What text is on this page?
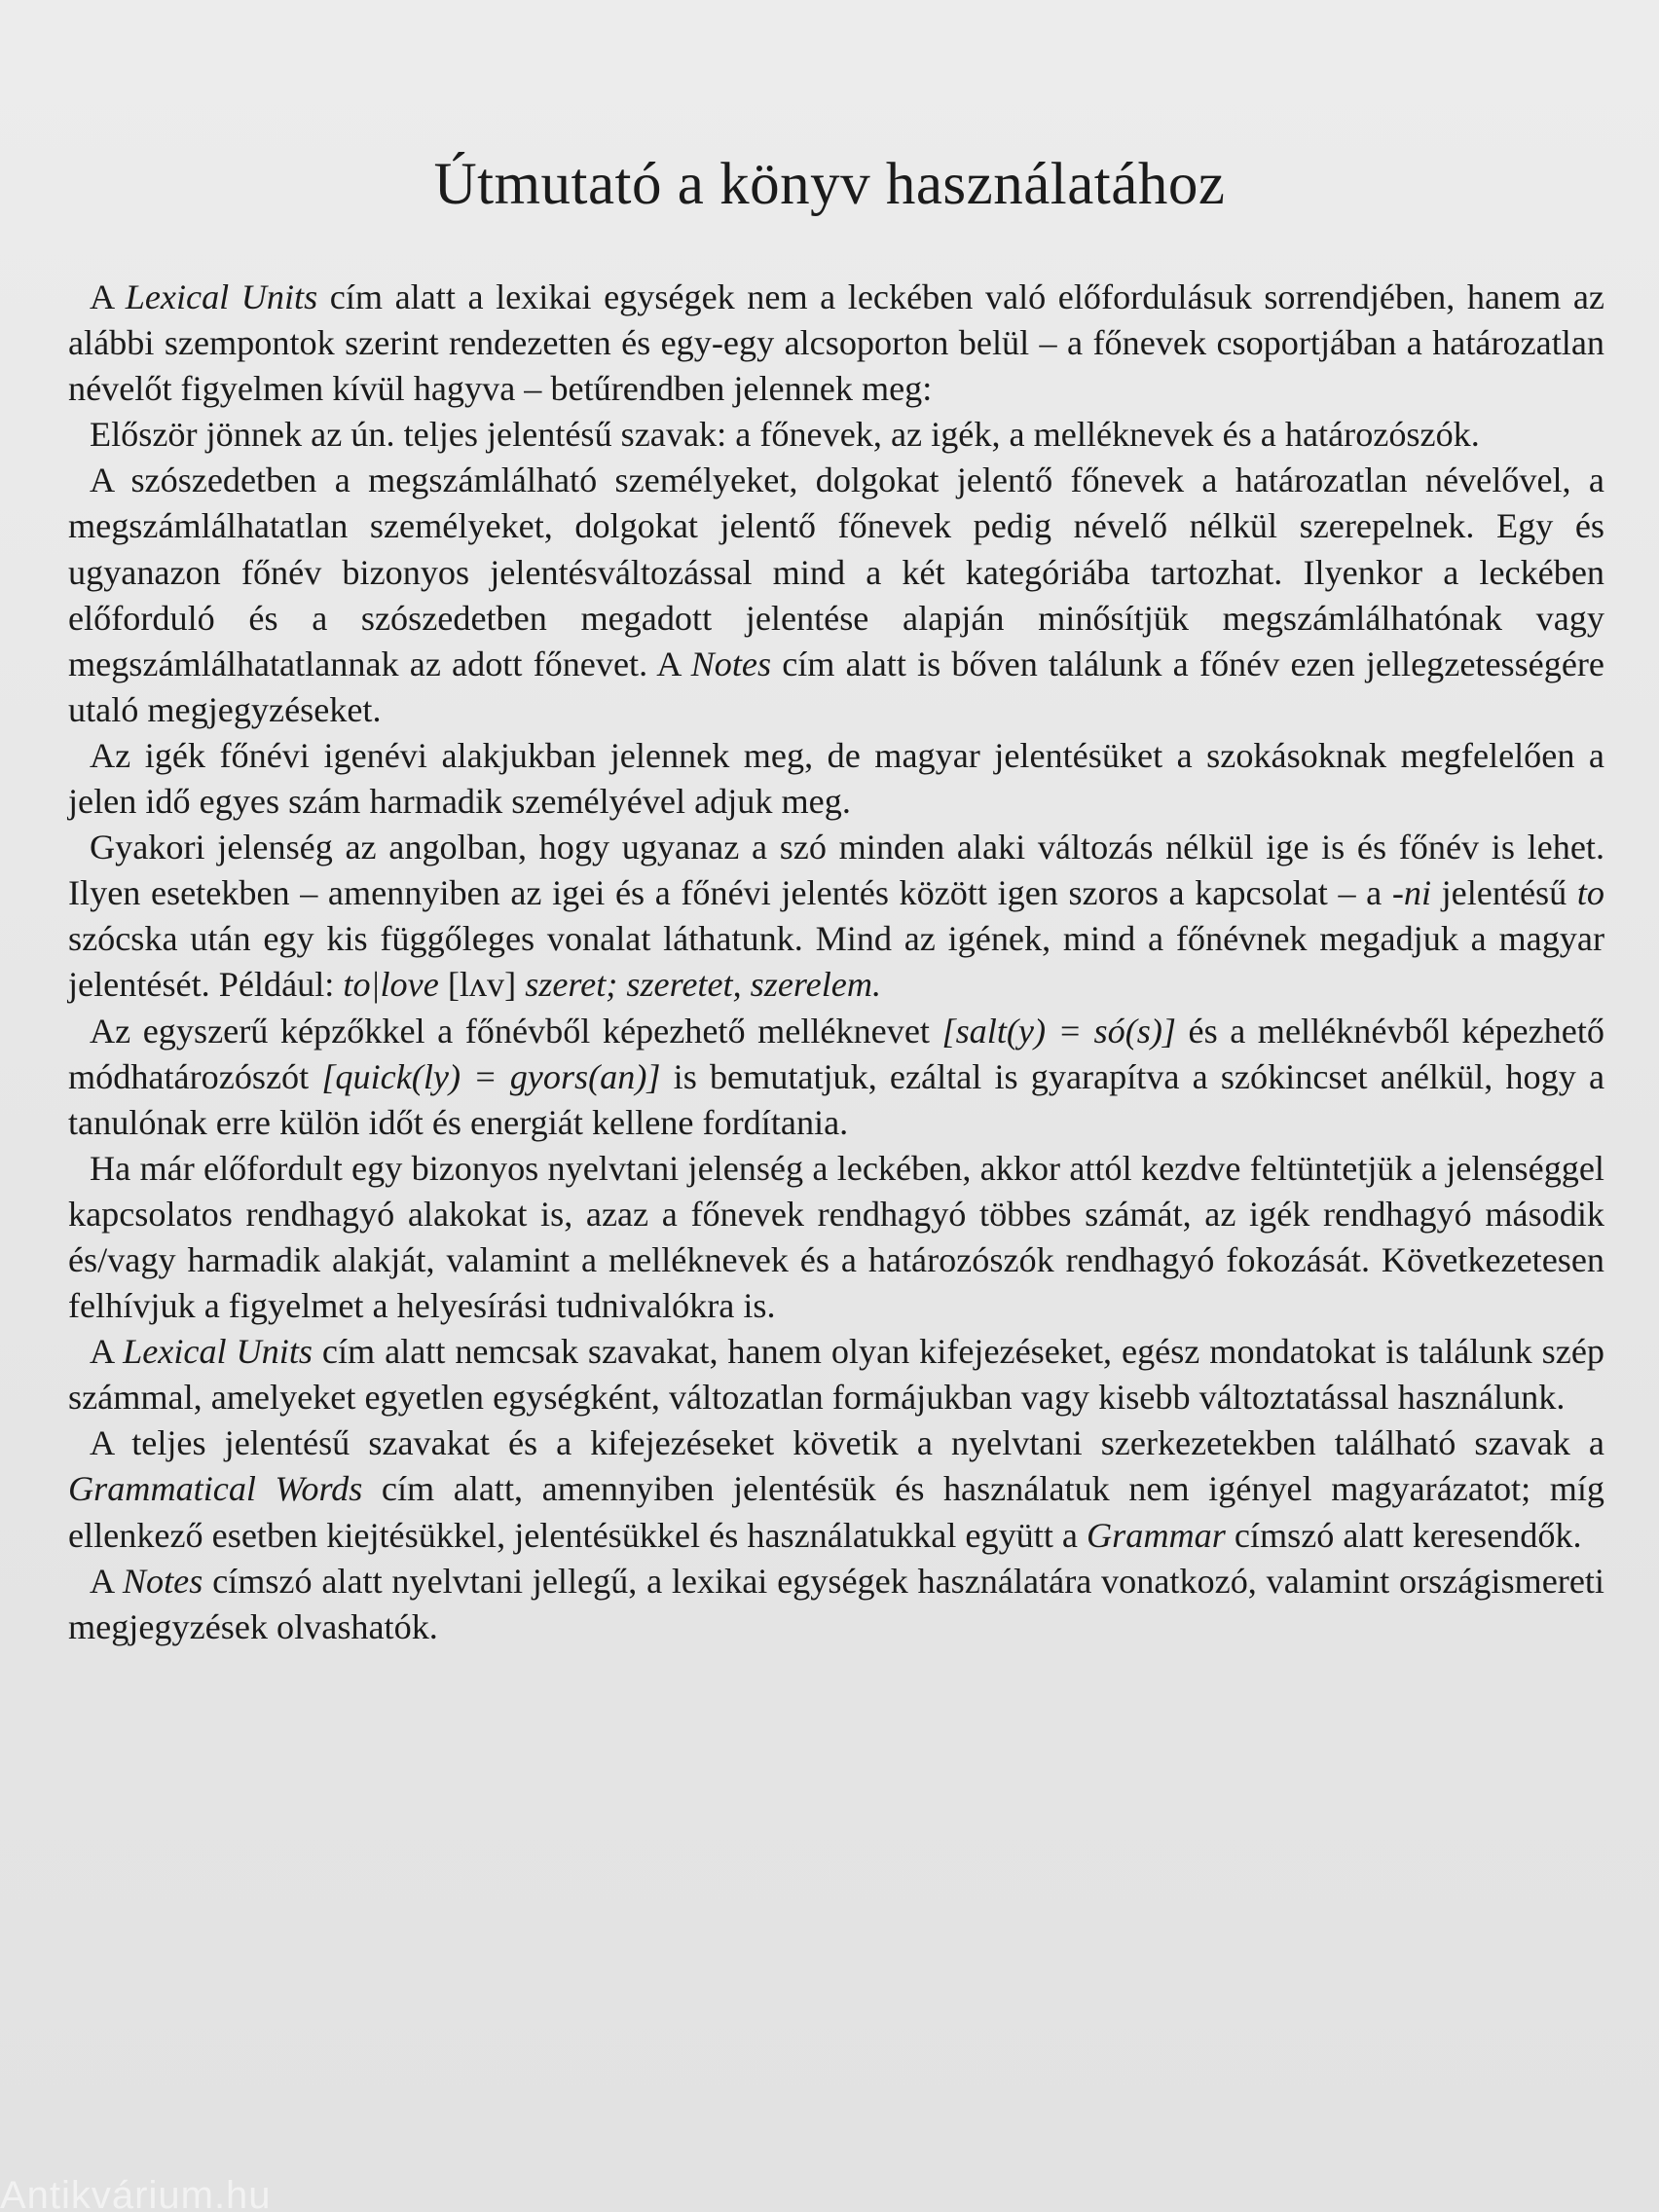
Útmutató a könyv használatához

A Lexical Units cím alatt a lexikai egységek nem a leckében való előfordulásuk sorrendjében, hanem az alábbi szempontok szerint rendezetten és egy-egy alcsoporton belül – a főnevek csoportjában a határozatlan névelőt figyelmen kívül hagyva – betűrendben jelennek meg:

Először jönnek az ún. teljes jelentésű szavak: a főnevek, az igék, a melléknevek és a határozószók.

A szószedetben a megszámlálható személyeket, dolgokat jelentő főnevek a határozatlan névelővel, a megszámlálhatatlan személyeket, dolgokat jelentő főnevek pedig névelő nélkül szerepelnek. Egy és ugyanazon főnév bizonyos jelentésváltozással mind a két kategóriába tartozhat. Ilyenkor a leckében előforduló és a szószedetben megadott jelentése alapján minősítjük megszámlálhatónak vagy megszámlálhatatlannak az adott főnevet. A Notes cím alatt is bőven találunk a főnév ezen jellegzetességére utaló megjegyzéseket.

Az igék főnévi igenévi alakjukban jelennek meg, de magyar jelentésüket a szokásoknak megfelelően a jelen idő egyes szám harmadik személyével adjuk meg.

Gyakori jelenség az angolban, hogy ugyanaz a szó minden alaki változás nélkül ige is és főnév is lehet. Ilyen esetekben – amennyiben az igei és a főnévi jelentés között igen szoros a kapcsolat – a -ni jelentésű to szócska után egy kis függőleges vonalat láthatunk. Mind az igének, mind a főnévnek megadjuk a magyar jelentését. Például: to|love [lʌv] szeret; szeretet, szerelem.

Az egyszerű képzőkkel a főnévből képezhető melléknevet [salt(y) = só(s)] és a melléknévből képezhető módhatározószót [quick(ly) = gyors(an)] is bemutatjuk, ezáltal is gyarapítva a szókincset anélkül, hogy a tanulónak erre külön időt és energiát kellene fordítania.

Ha már előfordult egy bizonyos nyelvtani jelenség a leckében, akkor attól kezdve feltüntetjük a jelenséggel kapcsolatos rendhagyó alakokat is, azaz a főnevek rendhagyó többes számát, az igék rendhagyó második és/vagy harmadik alakját, valamint a melléknevek és a határozószók rendhagyó fokozását. Következetesen felhívjuk a figyelmet a helyesírási tudnivalókra is.

A Lexical Units cím alatt nemcsak szavakat, hanem olyan kifejezéseket, egész mondatokat is találunk szép számmal, amelyeket egyetlen egységként, változatlan formájukban vagy kisebb változtatással használunk.

A teljes jelentésű szavakat és a kifejezéseket követik a nyelvtani szerkezetekben található szavak a Grammatical Words cím alatt, amennyiben jelentésük és használatuk nem igényel magyarázatot; míg ellenkező esetben kiejtésükkel, jelentésükkel és használatukkal együtt a Grammar címszó alatt keresendők.

A Notes címszó alatt nyelvtani jellegű, a lexikai egységek használatára vonatkozó, valamint országismereti megjegyzések olvashatók.

Antikvárium.hu
